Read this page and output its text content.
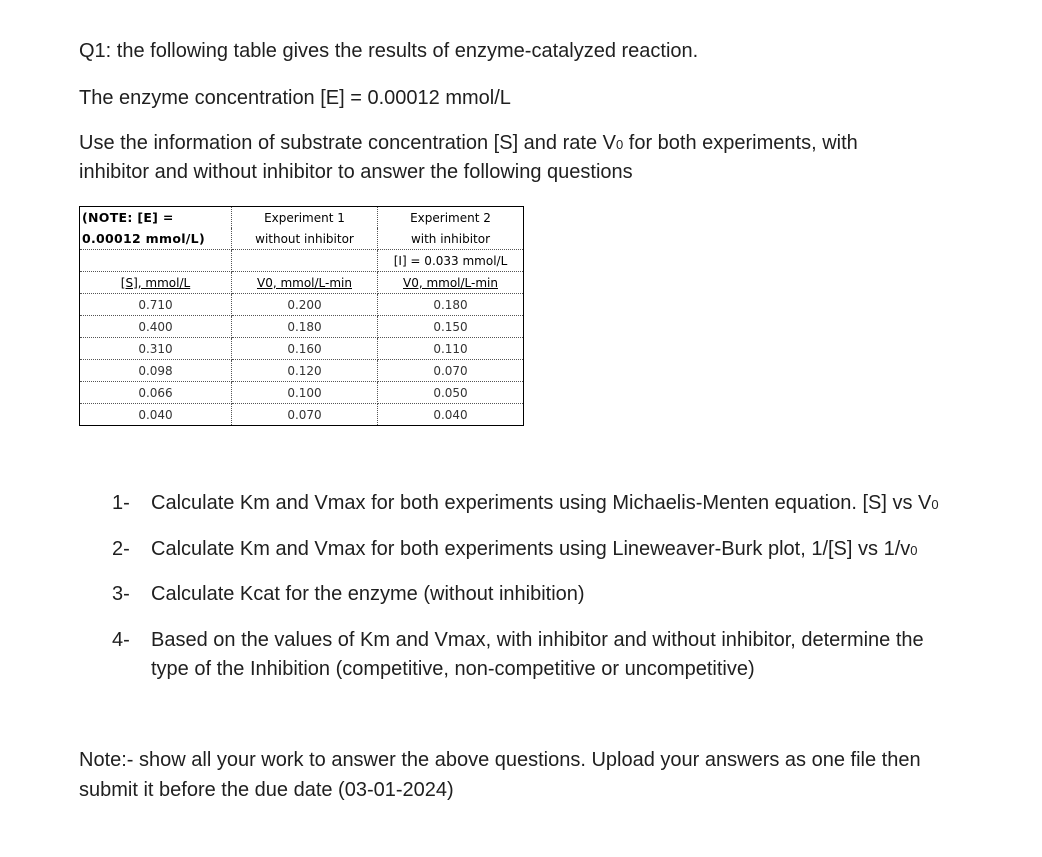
Q1: the following table gives the results of enzyme-catalyzed reaction.

The enzyme concentration [E] = 0.00012 mmol/L

Use the information of substrate concentration [S] and rate V0 for both experiments, with

inhibitor and without inhibitor to answer the following questions

(NOTE: [E] =	Experiment 1	Experiment 2
0.00012 mmol/L)	without inhibitor	with inhibitor
		[I] = 0.033 mmol/L
[S], mmol/L	V0, mmol/L-min	V0, mmol/L-min
0.710	0.200	0.180
0.400	0.180	0.150
0.310	0.160	0.110
0.098	0.120	0.070
0.066	0.100	0.050
0.040	0.070	0.040
1- Calculate Km and Vmax for both experiments using Michaelis-Menten equation. [S] vs V0
2- Calculate Km and Vmax for both experiments using Lineweaver-Burk plot, 1/[S] vs 1/v0
3- Calculate Kcat for the enzyme (without inhibition)
4- Based on the values of Km and Vmax, with inhibitor and without inhibitor, determine the
type of the Inhibition (competitive, non-competitive or uncompetitive)

Note:- show all your work to answer the above questions. Upload your answers as one file then

submit it before the due date (03-01-2024)
